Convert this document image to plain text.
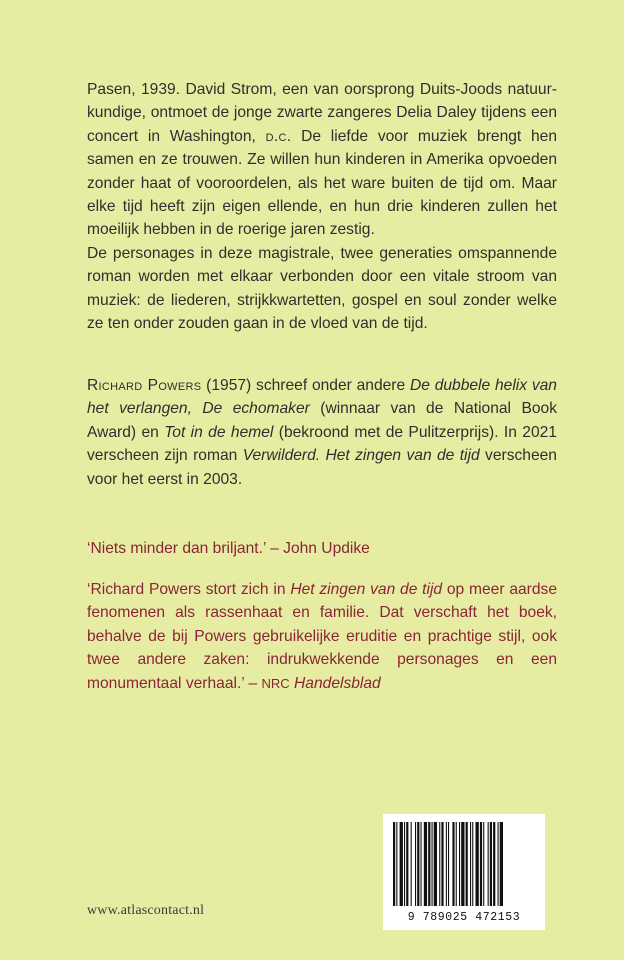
Pasen, 1939. David Strom, een van oorsprong Duits-Joods natuur-kundige, ontmoet de jonge zwarte zangeres Delia Daley tijdens een concert in Washington, d.c. De liefde voor muziek brengt hen samen en ze trouwen. Ze willen hun kinderen in Amerika opvoeden zonder haat of vooroordelen, als het ware buiten de tijd om. Maar elke tijd heeft zijn eigen ellende, en hun drie kinderen zullen het moeilijk hebben in de roerige jaren zestig.

De personages in deze magistrale, twee generaties omspannende roman worden met elkaar verbonden door een vitale stroom van muziek: de liederen, strijkkwartetten, gospel en soul zonder welke ze ten onder zouden gaan in de vloed van de tijd.

Richard Powers (1957) schreef onder andere De dubbele helix van het verlangen, De echomaker (winnaar van de National Book Award) en Tot in de hemel (bekroond met de Pulitzerprijs). In 2021 verscheen zijn roman Verwilderd. Het zingen van de tijd verscheen voor het eerst in 2003.

‘Niets minder dan briljant.’ – John Updike

‘Richard Powers stort zich in Het zingen van de tijd op meer aardse fenomenen als rassenhaat en familie. Dat verschaft het boek, behalve de bij Powers gebruikelijke eruditie en prachtige stijl, ook twee andere zaken: indrukwekkende personages en een monumentaal verhaal.’ – NRC Handelsblad

www.atlascontact.nl	9 789025 472153
